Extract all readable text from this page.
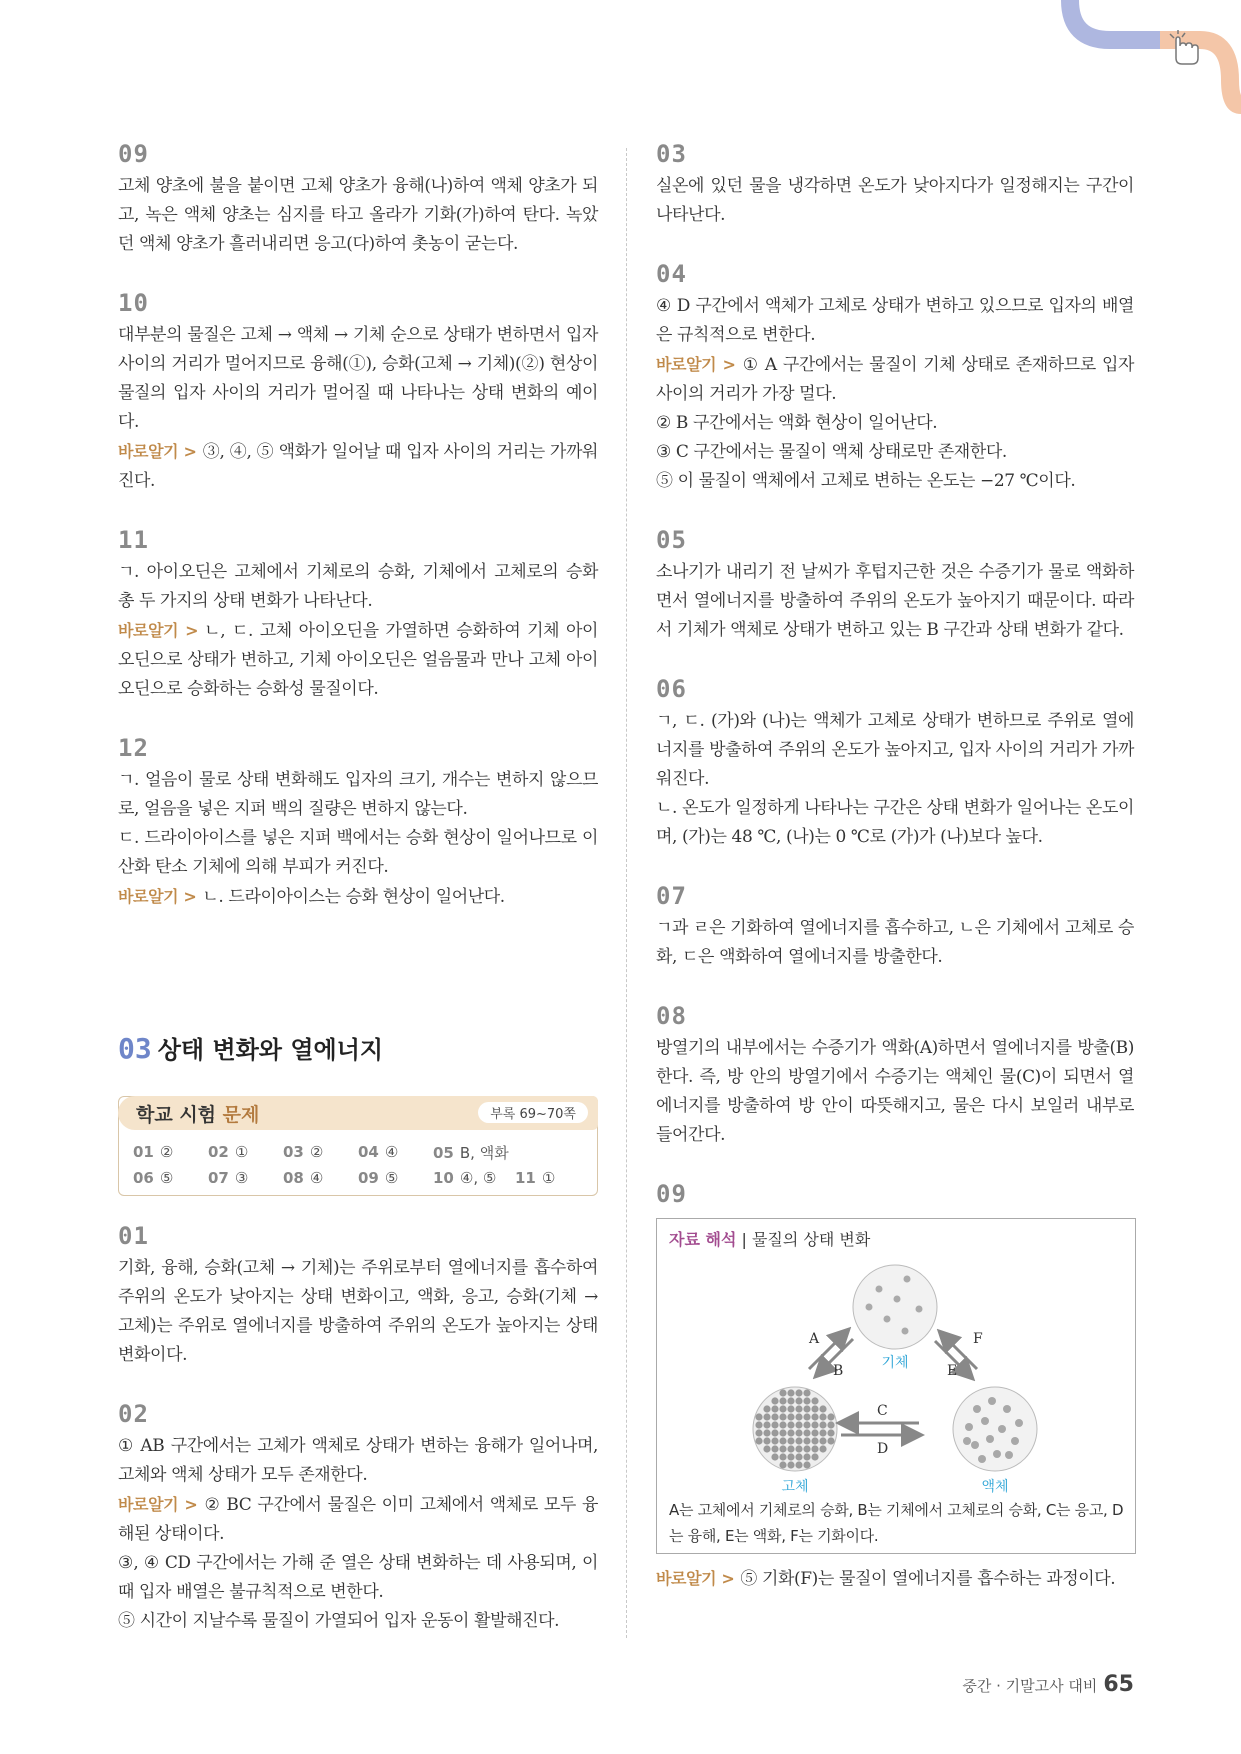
09

고체 양초에 불을 붙이면 고체 양초가 융해(나)하여 액체 양초가 되고, 녹은 액체 양초는 심지를 타고 올라가 기화(가)하여 탄다. 녹았던 액체 양초가 흘러내리면 응고(다)하여 촛농이 굳는다.

10

대부분의 물질은 고체 → 액체 → 기체 순으로 상태가 변하면서 입자 사이의 거리가 멀어지므로 융해(①), 승화(고체 → 기체)(②) 현상이 물질의 입자 사이의 거리가 멀어질 때 나타나는 상태 변화의 예이다.

바로알기 > ③, ④, ⑤ 액화가 일어날 때 입자 사이의 거리는 가까워진다.

11

ㄱ. 아이오딘은 고체에서 기체로의 승화, 기체에서 고체로의 승화 총 두 가지의 상태 변화가 나타난다.

바로알기 > ㄴ, ㄷ. 고체 아이오딘을 가열하면 승화하여 기체 아이오딘으로 상태가 변하고, 기체 아이오딘은 얼음물과 만나 고체 아이오딘으로 승화하는 승화성 물질이다.

12

ㄱ. 얼음이 물로 상태 변화해도 입자의 크기, 개수는 변하지 않으므로, 얼음을 넣은 지퍼 백의 질량은 변하지 않는다.

ㄷ. 드라이아이스를 넣은 지퍼 백에서는 승화 현상이 일어나므로 이산화 탄소 기체에 의해 부피가 커진다.

바로알기 > ㄴ. 드라이아이스는 승화 현상이 일어난다.

03 상태 변화와 열에너지
학교 시험 문제	부록 69~70쪽
01 ②	02 ①	03 ②	04 ④	05 B, 액화
06 ⑤	07 ③	08 ④	09 ⑤	10 ④, ⑤	11 ①
01

기화, 융해, 승화(고체 → 기체)는 주위로부터 열에너지를 흡수하여 주위의 온도가 낮아지는 상태 변화이고, 액화, 응고, 승화(기체 → 고체)는 주위로 열에너지를 방출하여 주위의 온도가 높아지는 상태 변화이다.

02

① AB 구간에서는 고체가 액체로 상태가 변하는 융해가 일어나며, 고체와 액체 상태가 모두 존재한다.

바로알기 > ② BC 구간에서 물질은 이미 고체에서 액체로 모두 융해된 상태이다.

③, ④ CD 구간에서는 가해 준 열은 상태 변화하는 데 사용되며, 이때 입자 배열은 불규칙적으로 변한다.

⑤ 시간이 지날수록 물질이 가열되어 입자 운동이 활발해진다.

03

실온에 있던 물을 냉각하면 온도가 낮아지다가 일정해지는 구간이 나타난다.

04

④ D 구간에서 액체가 고체로 상태가 변하고 있으므로 입자의 배열은 규칙적으로 변한다.

바로알기 > ① A 구간에서는 물질이 기체 상태로 존재하므로 입자 사이의 거리가 가장 멀다.

② B 구간에서는 액화 현상이 일어난다.

③ C 구간에서는 물질이 액체 상태로만 존재한다.

⑤ 이 물질이 액체에서 고체로 변하는 온도는 −27 ℃이다.

05

소나기가 내리기 전 날씨가 후텁지근한 것은 수증기가 물로 액화하면서 열에너지를 방출하여 주위의 온도가 높아지기 때문이다. 따라서 기체가 액체로 상태가 변하고 있는 B 구간과 상태 변화가 같다.

06

ㄱ, ㄷ. (가)와 (나)는 액체가 고체로 상태가 변하므로 주위로 열에너지를 방출하여 주위의 온도가 높아지고, 입자 사이의 거리가 가까워진다.

ㄴ. 온도가 일정하게 나타나는 구간은 상태 변화가 일어나는 온도이며, (가)는 48 ℃, (나)는 0 ℃로 (가)가 (나)보다 높다.

07

ㄱ과 ㄹ은 기화하여 열에너지를 흡수하고, ㄴ은 기체에서 고체로 승화, ㄷ은 액화하여 열에너지를 방출한다.

08

방열기의 내부에서는 수증기가 액화(A)하면서 열에너지를 방출(B)한다. 즉, 방 안의 방열기에서 수증기는 액체인 물(C)이 되면서 열에너지를 방출하여 방 안이 따뜻해지고, 물은 다시 보일러 내부로 들어간다.

09
자료 해석 | 물질의 상태 변화
기체
고체	액체
A
B
F
E
C
D
A는 고체에서 기체로의 승화, B는 기체에서 고체로의 승화, C는 응고, D는 융해, E는 액화, F는 기화이다.

바로알기 > ⑤ 기화(F)는 물질이 열에너지를 흡수하는 과정이다.

중간 · 기말고사 대비 65
